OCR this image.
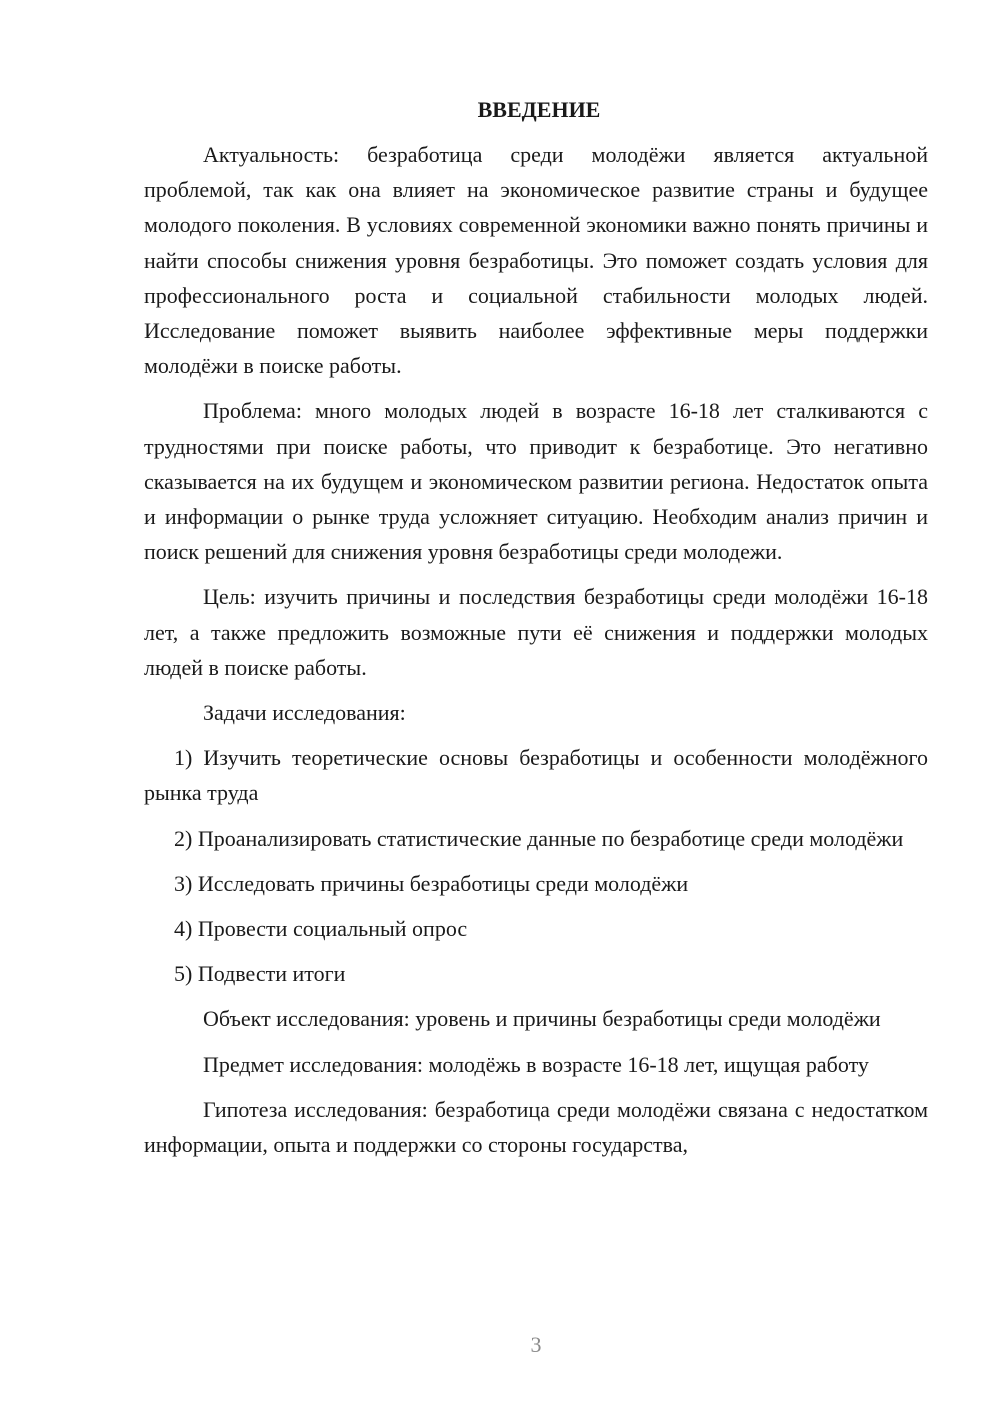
ВВЕДЕНИЕ

Актуальность: безработица среди молодёжи является актуальной проблемой, так как она влияет на экономическое развитие страны и будущее молодого поколения. В условиях современной экономики важно понять причины и найти способы снижения уровня безработицы. Это поможет создать условия для профессионального роста и социальной стабильности молодых людей. Исследование поможет выявить наиболее эффективные меры поддержки молодёжи в поиске работы.

Проблема: много молодых людей в возрасте 16-18 лет сталкиваются с трудностями при поиске работы, что приводит к безработице. Это негативно сказывается на их будущем и экономическом развитии региона. Недостаток опыта и информации о рынке труда усложняет ситуацию. Необходим анализ причин и поиск решений для снижения уровня безработицы среди молодежи.

Цель: изучить причины и последствия безработицы среди молодёжи 16-18 лет, а также предложить возможные пути её снижения и поддержки молодых людей в поиске работы.

Задачи исследования:

1) Изучить теоретические основы безработицы и особенности молодёжного рынка труда

2) Проанализировать статистические данные по безработице среди молодёжи

3) Исследовать причины безработицы среди молодёжи

4) Провести социальный опрос

5) Подвести итоги

Объект исследования: уровень и причины безработицы среди молодёжи

Предмет исследования: молодёжь в возрасте 16-18 лет, ищущая работу

Гипотеза исследования: безработица среди молодёжи связана с недостатком информации, опыта и поддержки со стороны государства,

3
